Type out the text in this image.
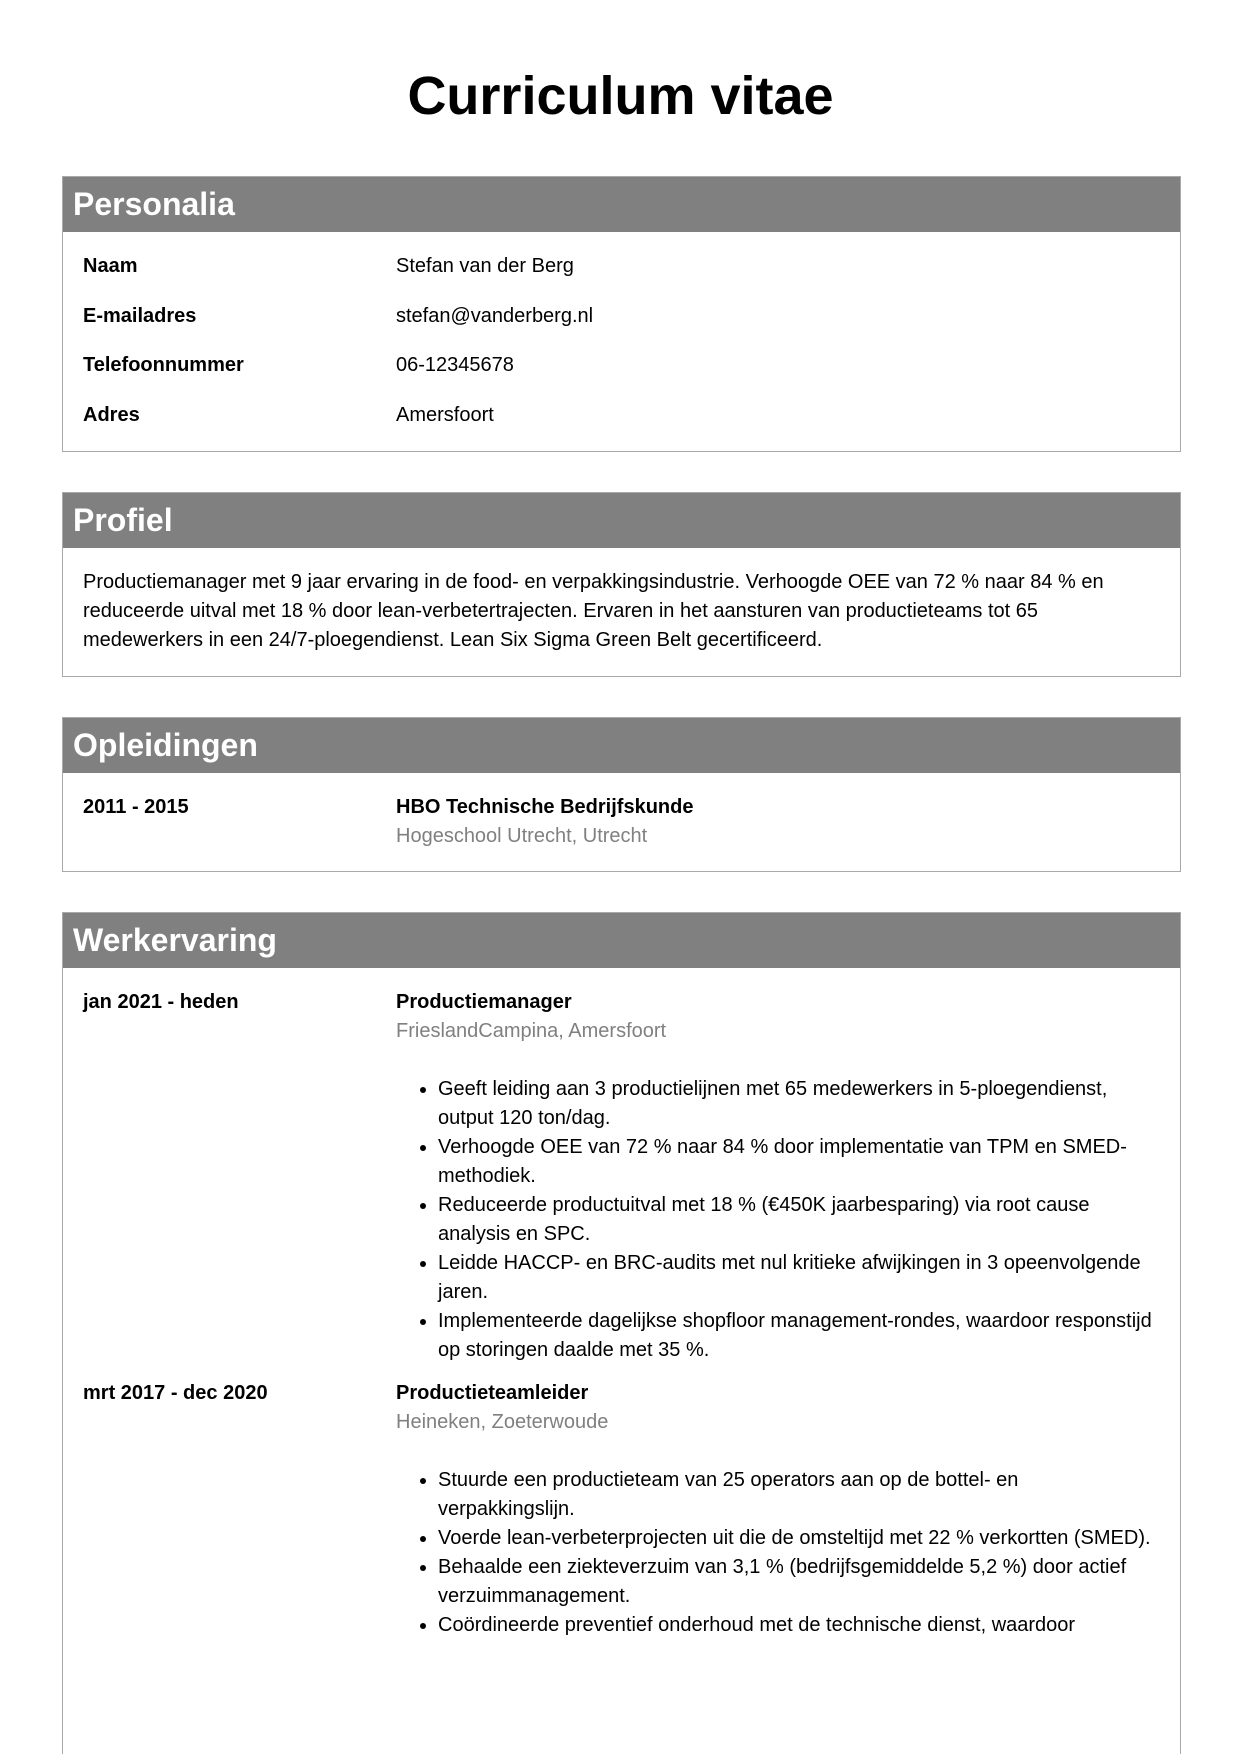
Curriculum vitae
Personalia
Naam	Stefan van der Berg
E-mailadres	stefan@vanderberg.nl
Telefoonnummer	06-12345678
Adres	Amersfoort
Profiel
Productiemanager met 9 jaar ervaring in de food- en verpakkingsindustrie. Verhoogde OEE van 72 % naar 84 % en reduceerde uitval met 18 % door lean-verbetertrajecten. Ervaren in het aansturen van productieteams tot 65 medewerkers in een 24/7-ploegendienst. Lean Six Sigma Green Belt gecertificeerd.
Opleidingen
2011 - 2015	HBO Technische Bedrijfskunde
Hogeschool Utrecht, Utrecht
Werkervaring
jan 2021 - heden	Productiemanager
FrieslandCampina, Amersfoort
• Geeft leiding aan 3 productielijnen met 65 medewerkers in 5-ploegendienst, output 120 ton/dag.
• Verhoogde OEE van 72 % naar 84 % door implementatie van TPM en SMED-methodiek.
• Reduceerde productuitval met 18 % (€450K jaarbesparing) via root cause analysis en SPC.
• Leidde HACCP- en BRC-audits met nul kritieke afwijkingen in 3 opeenvolgende jaren.
• Implementeerde dagelijkse shopfloor management-rondes, waardoor responstijd op storingen daalde met 35 %.
mrt 2017 - dec 2020	Productieteamleider
Heineken, Zoeterwoude
• Stuurde een productieteam van 25 operators aan op de bottel- en verpakkingslijn.
• Voerde lean-verbeterprojecten uit die de omsteltijd met 22 % verkortten (SMED).
• Behaalde een ziekteverzuim van 3,1 % (bedrijfsgemiddelde 5,2 %) door actief verzuimmanagement.
• Coördineerde preventief onderhoud met de technische dienst, waardoor
